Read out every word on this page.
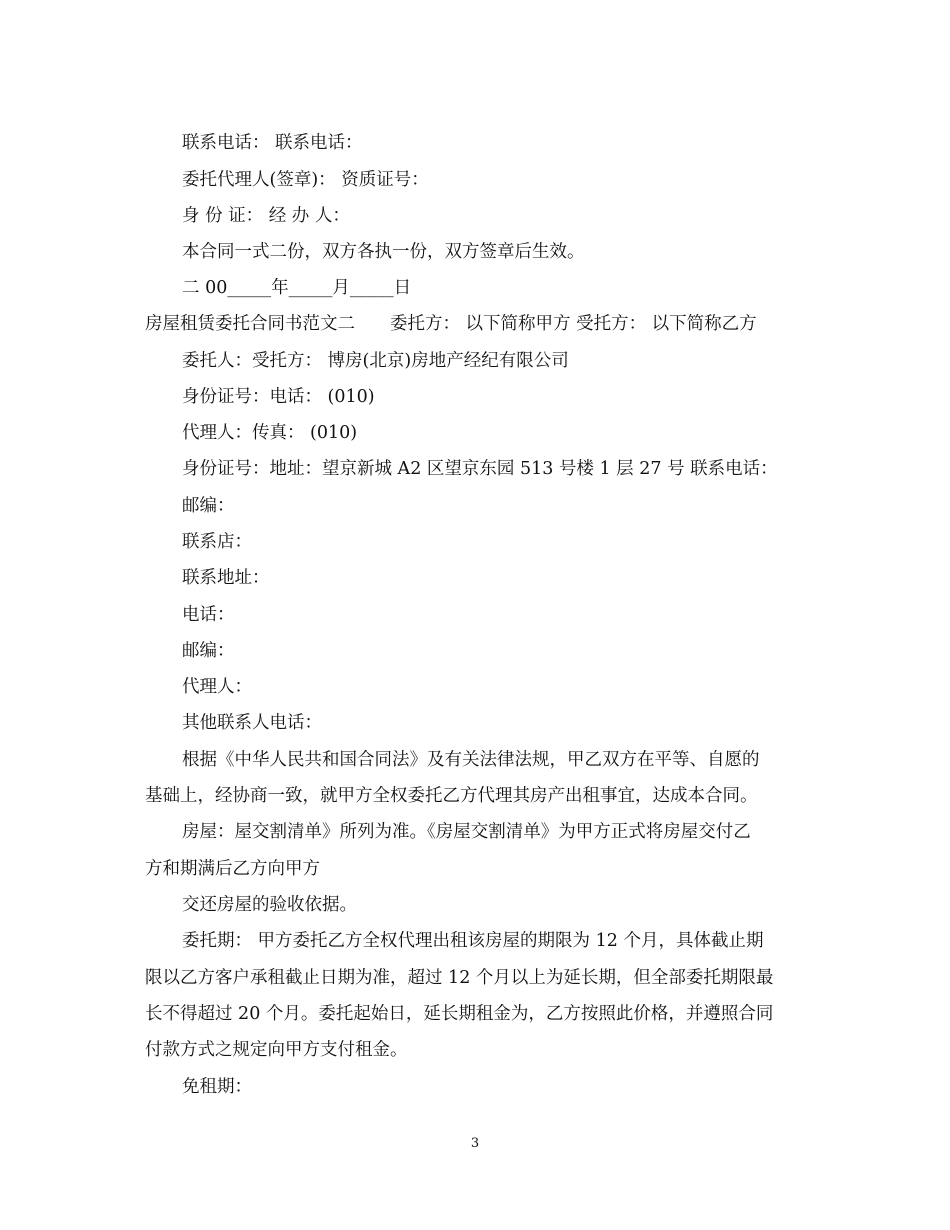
联系电话： 联系电话：
委托代理人(签章)： 资质证号：
身 份 证： 经 办 人：
本合同一式二份，双方各执一份，双方签章后生效。
二 00_____年_____月_____日
房屋租赁委托合同书范文二　　委托方： 以下简称甲方 受托方： 以下简称乙方
委托人：受托方： 博房(北京)房地产经纪有限公司
身份证号：电话： (010)
代理人：传真： (010)
身份证号：地址：望京新城 A2 区望京东园 513 号楼 1 层 27 号 联系电话：
邮编：
联系店：
联系地址：
电话：
邮编：
代理人：
其他联系人电话：
根据《中华人民共和国合同法》及有关法律法规，甲乙双方在平等、自愿的
基础上，经协商一致，就甲方全权委托乙方代理其房产出租事宜，达成本合同。
房屋：屋交割清单》所列为准。《房屋交割清单》为甲方正式将房屋交付乙
方和期满后乙方向甲方
交还房屋的验收依据。
委托期： 甲方委托乙方全权代理出租该房屋的期限为 12 个月，具体截止期
限以乙方客户承租截止日期为准，超过 12 个月以上为延长期，但全部委托期限最
长不得超过 20 个月。委托起始日，延长期租金为，乙方按照此价格，并遵照合同
付款方式之规定向甲方支付租金。
免租期：
3
